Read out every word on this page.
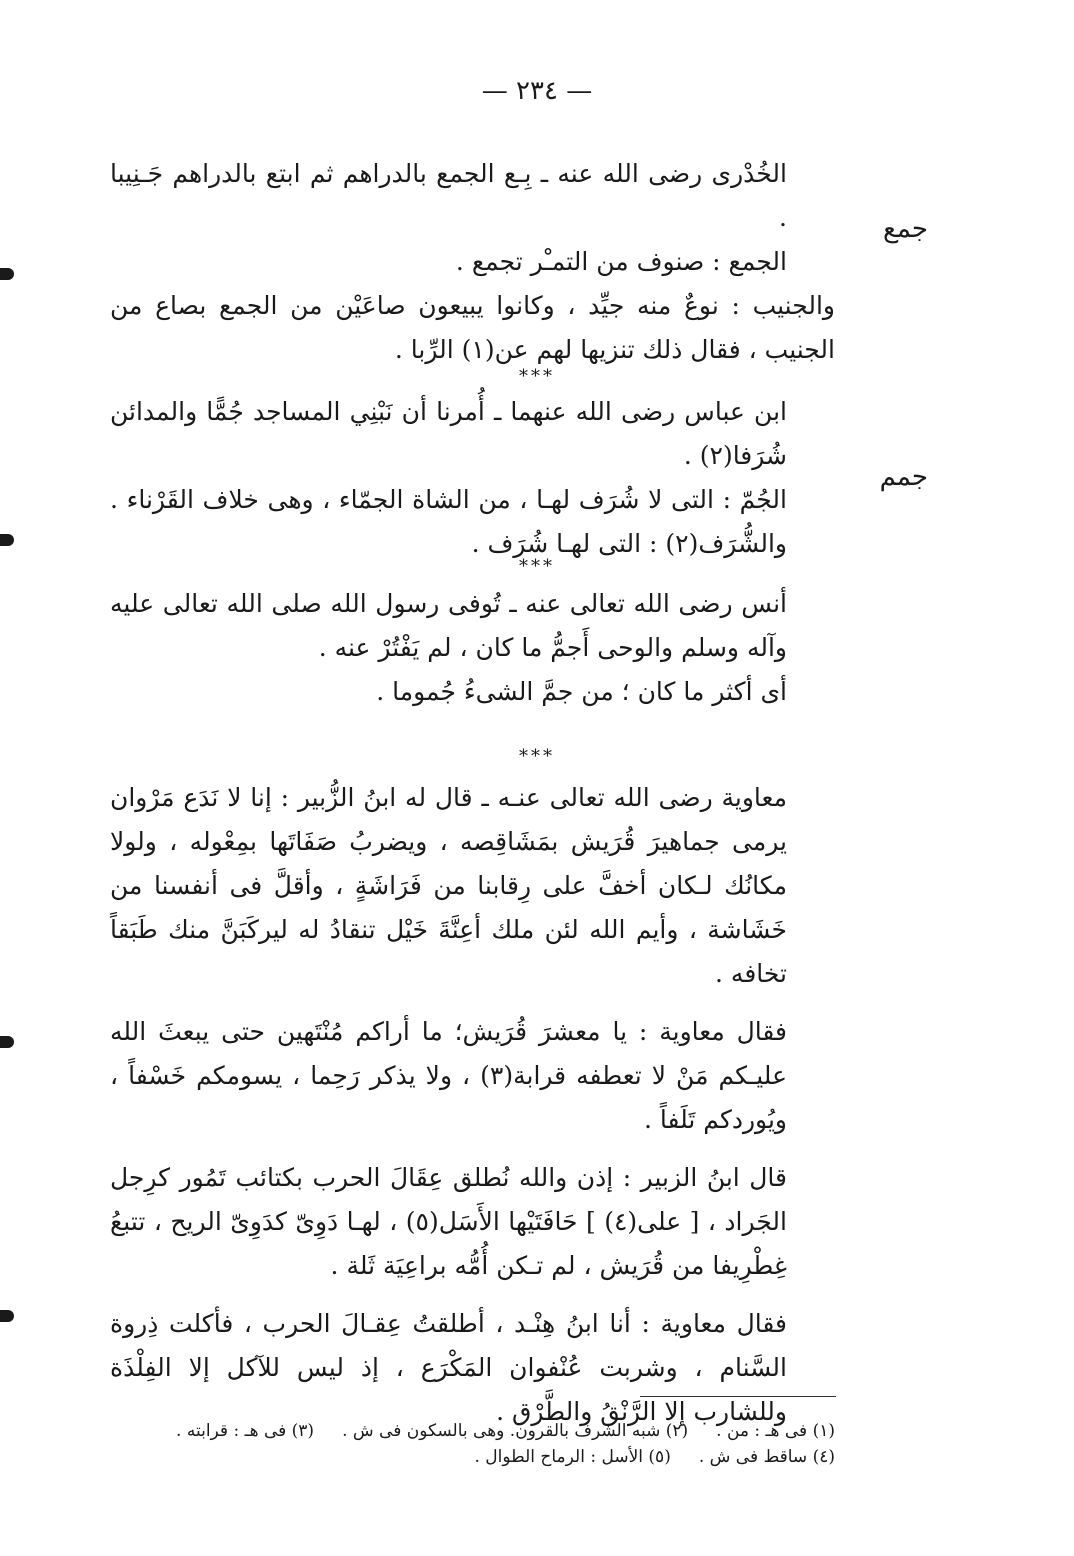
— ٢٣٤ —

الخُدْرى رضى الله عنه ـ بِـع الجمع بالدراهم ثم ابتع بالدراهم جَـنِيبا .

الجمع : صنوف من التمـْر تجمع .

والجنيب : نوعٌ منه جيِّد ، وكانوا يبيعون صاعَيْن من الجمع بصاع من الجنيب ، فقال ذلك تنزيها لهم عن(١) الرِّبا .

جمع
***

ابن عباس رضى الله عنهما ـ أُمرنا أن نَبْنِي المساجد جُمًّا والمدائن شُرَفا(٢) .

الجُمّ : التى لا شُرَف لهـا ، من الشاة الجمّاء ، وهى خلاف القَرْناء . والشُّرَف(٢) : التى لهـا شُرَف .

جمم
***

أنس رضى الله تعالى عنه ـ تُوفى رسول الله صلى الله تعالى عليه وآله وسلم والوحى أَجمُّ ما كان ، لم يَفْتُرْ عنه .

أى أكثر ما كان ؛ من جمَّ الشىءُ جُموما .

***

معاوية رضى الله تعالى عنـه ـ قال له ابنُ الزُّبير : إنا لا نَدَع مَرْوان يرمى جماهيرَ قُرَيش بمَشَاقِصه ، ويضربُ صَفَاتَها بمِعْوله ، ولولا مكانُك لـكان أخفَّ على رِقابنا من فَرَاشَةٍ ، وأقلَّ فى أنفسنا من خَشَاشة ، وأيم الله لئن ملك أعِنَّةَ خَيْل تنقادُ له ليركَبَنَّ منك طَبَقاً تخافه .

فقال معاوية : يا معشرَ قُرَيش؛ ما أراكم مُنْتَهين حتى يبعثَ الله عليـكم مَنْ لا تعطفه قرابة(٣) ، ولا يذكر رَحِما ، يسومكم خَسْفاً ، ويُوردكم تَلَفاً .

قال ابنُ الزبير : إذن والله نُطلق عِقَالَ الحرب بكتائب تَمُور كرِجل الجَراد ، [ على(٤) ] حَافَتَيْها الأَسَل(٥) ، لهـا دَوِىّ كدَوِىّ الريح ، تتبعُ غِطْرِيفا من قُرَيش ، لم تـكن أُمُّه براعِيَة ثَلة .

فقال معاوية : أنا ابنُ هِنْـد ، أطلقتُ عِقـالَ الحرب ، فأكلت ذِروة السَّنام ، وشربت عُنْفوان المَكْرَع ، إذ ليس للآكل إلا الفِلْذَة وللشارب إلا الرَّنْقُ والطَّرْق .

(١) فى هـ : من .
(٢) شبه الشرف بالقرون. وهى بالسكون فى ش .
(٣) فى هـ : قرابته .
(٤) ساقط فى ش .
(٥) الأسل : الرماح الطوال .
